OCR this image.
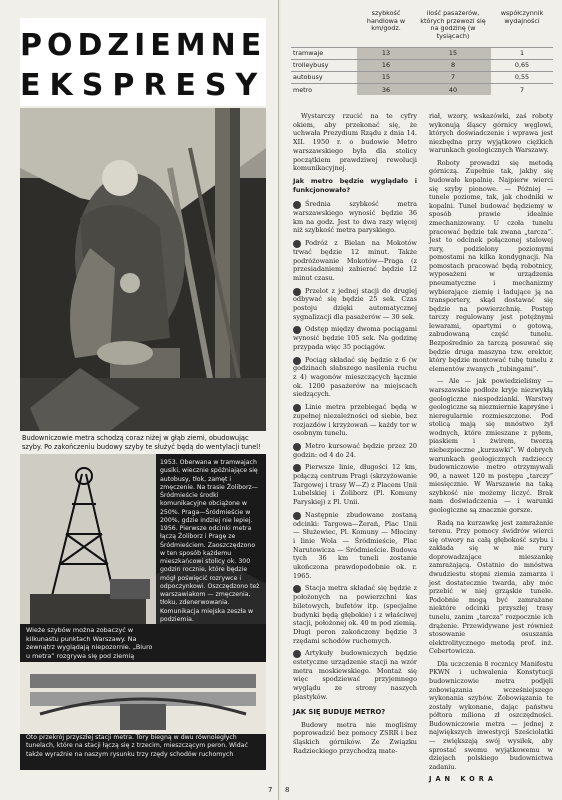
PODZIEMNE
EKSPRESY
Budowniczowie metra schodzą coraz niżej w głąb ziemi, obudowując szyby. Po zakończeniu budowy szyby te służyć będą do wentylacji tunel!
1953. Oberwana w tramwajach gusiki, wiecznie spóźniające się autobusy, tłok, zamęt i zmęczenie. Na trasie Żoliborz—Śródmieście środki komunikacyjne obciążone w 250%. Praga—Śródmieście w 200%, gdzie indziej nie lepiej.
1956. Pierwsze odcinki metra łączą Żoliborz i Pragę ze Śródmieściem. Zaoszczędzono w ten sposób każdemu mieszkańcowi stolicy ok. 300 godzin rocznie, które będzie mógł poświęcić rozrywce i odpoczynkowi. Oszczędzono też warszawiakom — zmęczenia, tłoku, zdenerwowania. Komunikacja miejska zeszła w podziemia.
Wieże szybów można zobaczyć w kilkunastu punktach Warszawy. Na zewnątrz wyglądają niepozornie. „Biuro u metra” rozgrywa się pod ziemią
Oto przekrój przyszłej stacji metra. Tory biegną w dwu równoległych tunelach, które na stacji łączą się z trzecim, mieszczącym peron. Widać także wyraźnie na naszym rysunku trzy rzędy schodów ruchomych
7
	szybkość handlowa w km/godz.	ilość pasażerów, których przewozi się na godzinę (w tysiącach)	współczynnik wydajności
tramwaje	13	15	1
trolleybusy	16	8	0,65
autobusy	15	7	0,55
metro	36	40	7

Wystarczy rzucić na te cyfry okiem, aby przekonać się, że uchwała Prezydium Rządu z dnia 14. XII. 1950 r. o budowie Metro warszawskiego była dla stolicy początkiem prawdziwej rewolucji komunikacyjnej.

Jak metro będzie wyglądało i funkcjonowało?

Średnia szybkość metra warszawskiego wynosić będzie 36 km na godz. Jest to dwa razy więcej niż szybkość metra paryskiego.

Podróż z Bielan na Mokotów trwać będzie 12 minut. Także podróżowanie Mokotów—Praga (z przesiadaniem) zabierać będzie 12 minut czasu.

Przelot z jednej stacji do drugiej odbywać się będzie 25 sek. Czas postoju dzięki automatycznej sygnalizacji dla pasażerów — 30 sek.

Odstęp między dwoma pociągami wynosić będzie 105 sek. Na godzinę przypada więc 35 pociągów.

Pociąg składać się będzie z 6 (w godzinach słabszego nasilenia ruchu z 4) wagonów mieszczących łącznie ok. 1200 pasażerów na miejscach siedzących.

Linie metra przebiegać będą w zupełnej niezależności od siebie, bez rozjazdów i krzyżowań — każdy tor w osobnym tunelu.

Metro kursować będzie przez 20 godzin: od 4 do 24.

Pierwsze linie, długości 12 km, połączą centrum Pragi (skrzyżowanie Targowej i trasy W—Z) z Placem Unii Lubelskiej i Żoliborz (Pl. Komuny Paryskiej) z Pl. Unii.

Następnie zbudowane zostaną odcinki: Targowa—Żerań, Plac Unii — Służewiec, Pl. Komuny — Młociny i linie Wola — Śródmieście, Plac Narutowicza — Śródmieście. Budowa tych 36 km tuneli zostanie ukończona prawdopodobnie ok. r. 1965.

Stacja metra składać się będzie z położonych na powierzchni kas biletowych, bufetów itp. (specjalne budynki będą głębokie) i z właściwej stacji, położonej ok. 40 m pod ziemią. Długi peron zakończony będzie 3 rzędami schodów ruchomych.

Artykuły budowniczych będzie estetyczne urządzenie stacji na wzór metra moskiewskiego. Montaż się więc spodziewać przyjemnego wyglądu ze strony naszych plastyków.

JAK SIĘ BUDUJE METRO?

Budowy metra nie mogliśmy poprowadzić bez pomocy ZSRR i bez śląskich górników. Ze Związku Radzieckiego przychodzą mate-

riał, wzory, wskazówki, zaś roboty wykonują śląscy górnicy węglowi, których doświadczenie i wprawa jest niezbędna przy wyjątkowo ciężkich warunkach geologicznych Warszawy.

Roboty prowadzi się metodą górniczą. Zupełnie tak, jakby się budowało kopalnię. Najpierw wierci się szyby pionowe. — Później — tunele poziome, tak, jak chodniki w kopalni. Tunel budować będziemy w sposób prawie idealnie zmechanizowany. U czoła tunelu pracować będzie tak zwana „tarcza”. Jest to odcinek połączonej stalowej rury, podzielony poziomymi pomostami na kilka kondygnacji. Na pomostach pracować będą robotnicy, wyposażeni w urządzenia pneumatyczne i mechanizmy wybierające ziemię i ładujące ją na transportery, skąd dostawać się będzie na powierzchnię. Postęp tarczy regulowany jest potężnymi lewarami, opartymi o gotową, zabudowaną część tunelu. Bezpośrednio za tarczą posuwać się będzie druga maszyna tzw. erektor, który będzie montować tubę tunelu z elementów zwanych „tubingami”.

— Ale — jak powiedzieliśmy — warszawskie podłoże kryje niezwykłą geologiczne niespodzianki. Warstwy geologiczne są niezmiernie kapryśne i nieregularnie rozmieszczone. Pod stolicą mają się mnóstwo żył wodnych, które zmieszane z pyłem, piaskiem i żwirem, tworzą niebezpieczne „kurzawki”. W dobrych warunkach geologicznych radzieccy budowniczowie metro otrzymywali 90, a nawet 120 m postępu „tarczy” miesięcznie. W Warszawie na taką szybkość nie możemy liczyć. Brak nam doświadczenia — i warunki geologiczne są znacznie gorsze.

Radą na kurzawkę jest zamrażanie terenu. Przy pomocy świdrów wierci się otwory na całą głębokość szybu i zakłada się w nie rury doprowadzające mieszankę zamrażającą. Ostatnio do mnóstwa dwudziestu stopni ziemia zamarza i jest dostatecznie twarda, aby móc przebić w niej grząskie tunele. Podobnie mogą być zamrażane niektóre odcinki przyszłej trasy tunelu, zanim „tarcza” rozpocznie ich drążenie. Przewidywane jest również stosowanie osuszania elektrolitycznego metodą prof. inż. Cebertowicza.

Dla uczczenia 8 rocznicy Manifestu PKWN i uchwalenia Konstytucji budowniczowie metra podjęli zobowiązania wcześniejszego wykonania szybów. Zobowiązania te zostały wykonane, dając państwu półtora miliona zł oszczędności. Budowniczowie metra — jednej z największych inwestycji Sześciolatki — zwiększają swój wysiłek, aby sprostać swemu wyjątkowemu w dziejach polskiego budownictwa zadaniu.

JAN KORA
8
